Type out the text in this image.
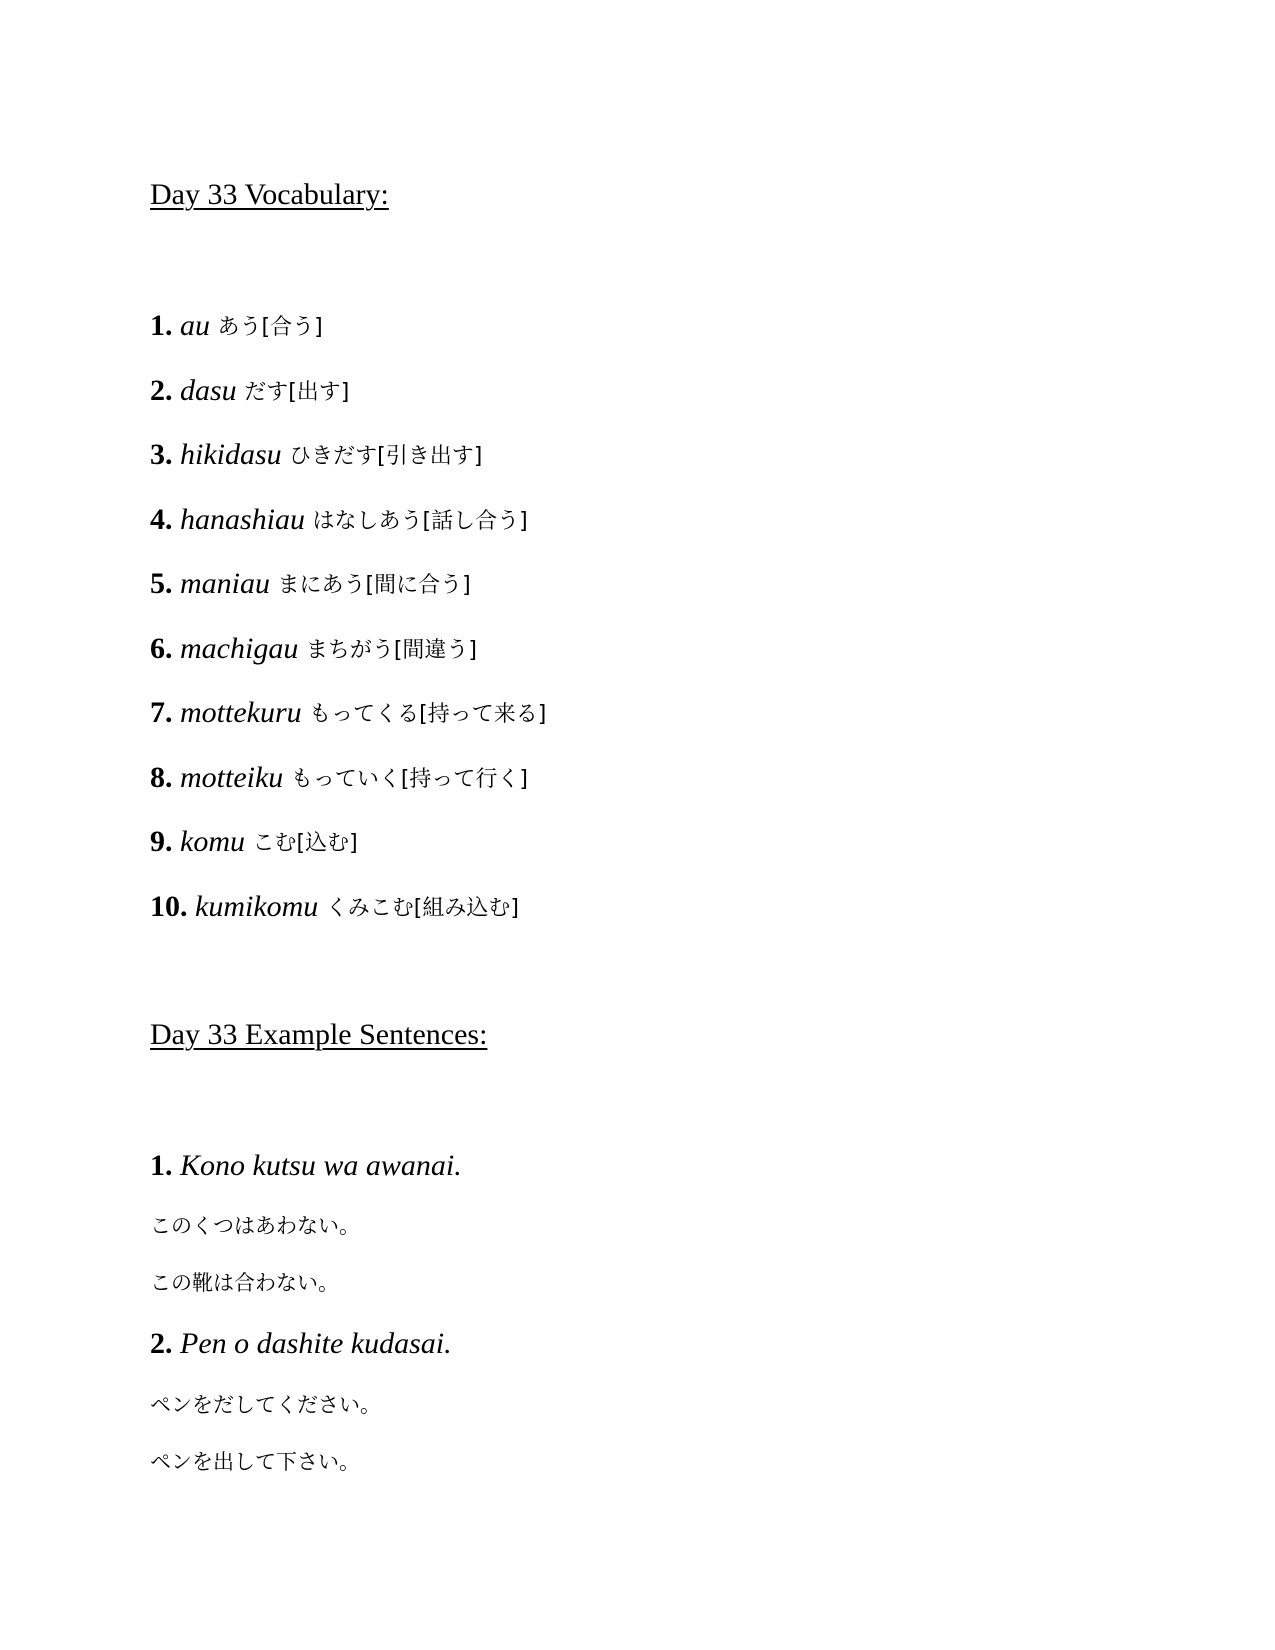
Day 33 Vocabulary:
1. au あう[合う]
2. dasu だす[出す]
3. hikidasu ひきだす[引き出す]
4. hanashiau はなしあう[話し合う]
5. maniau まにあう[間に合う]
6. machigau まちがう[間違う]
7. mottekuru もってくる[持って来る]
8. motteiku もっていく[持って行く]
9. komu こむ[込む]
10. kumikomu くみこむ[組み込む]
Day 33 Example Sentences:
1. Kono kutsu wa awanai.
このくつはあわない。
この靴は合わない。
2. Pen o dashite kudasai.
ペンをだしてください。
ペンを出して下さい。
